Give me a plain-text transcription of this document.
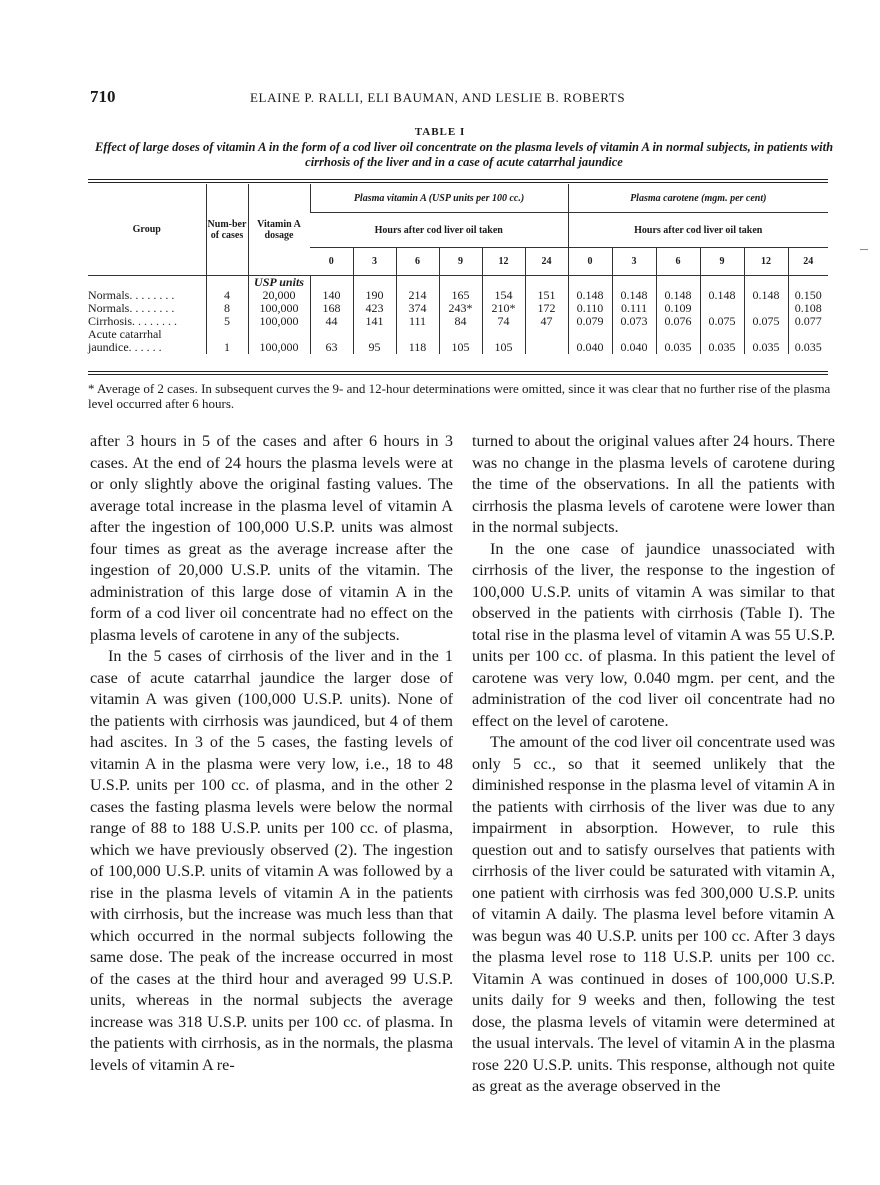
710	ELAINE P. RALLI, ELI BAUMAN, AND LESLIE B. ROBERTS
TABLE I
Effect of large doses of vitamin A in the form of a cod liver oil concentrate on the plasma levels of vitamin A in normal subjects, in patients with cirrhosis of the liver and in a case of acute catarrhal jaundice
Group	Num-ber of cases	Vitamin A dosage	Plasma vitamin A (USP units per 100 cc.)						Plasma carotene (mgm. per cent)					
			Hours after cod liver oil taken						Hours after cod liver oil taken					
			0	3	6	9	12	24	0	3	6	9	12	24
		USP units												
Normals. . . . . . . .	4	20,000	140	190	214	165	154	151	0.148	0.148	0.148	0.148	0.148	0.150
Normals. . . . . . . .	8	100,000	168	423	374	243*	210*	172	0.110	0.111	0.109			0.108
Cirrhosis. . . . . . . .	5	100,000	44	141	111	84	74	47	0.079	0.073	0.076	0.075	0.075	0.077
Acute catarrhal														
jaundice. . . . . .	1	100,000	63	95	118	105	105		0.040	0.040	0.035	0.035	0.035	0.035
* Average of 2 cases. In subsequent curves the 9- and 12-hour determinations were omitted, since it was clear that no further rise of the plasma level occurred after 6 hours.

after 3 hours in 5 of the cases and after 6 hours in 3 cases. At the end of 24 hours the plasma levels were at or only slightly above the original fasting values. The average total increase in the plasma level of vitamin A after the ingestion of 100,000 U.S.P. units was almost four times as great as the average increase after the ingestion of 20,000 U.S.P. units of the vitamin. The administration of this large dose of vitamin A in the form of a cod liver oil concentrate had no effect on the plasma levels of carotene in any of the subjects.

In the 5 cases of cirrhosis of the liver and in the 1 case of acute catarrhal jaundice the larger dose of vitamin A was given (100,000 U.S.P. units). None of the patients with cirrhosis was jaundiced, but 4 of them had ascites. In 3 of the 5 cases, the fasting levels of vitamin A in the plasma were very low, i.e., 18 to 48 U.S.P. units per 100 cc. of plasma, and in the other 2 cases the fasting plasma levels were below the normal range of 88 to 188 U.S.P. units per 100 cc. of plasma, which we have previously observed (2). The ingestion of 100,000 U.S.P. units of vitamin A was followed by a rise in the plasma levels of vitamin A in the patients with cirrhosis, but the increase was much less than that which occurred in the normal subjects following the same dose. The peak of the increase occurred in most of the cases at the third hour and averaged 99 U.S.P. units, whereas in the normal subjects the average increase was 318 U.S.P. units per 100 cc. of plasma. In the patients with cirrhosis, as in the normals, the plasma levels of vitamin A re-

turned to about the original values after 24 hours. There was no change in the plasma levels of carotene during the time of the observations. In all the patients with cirrhosis the plasma levels of carotene were lower than in the normal subjects.

In the one case of jaundice unassociated with cirrhosis of the liver, the response to the ingestion of 100,000 U.S.P. units of vitamin A was similar to that observed in the patients with cirrhosis (Table I). The total rise in the plasma level of vitamin A was 55 U.S.P. units per 100 cc. of plasma. In this patient the level of carotene was very low, 0.040 mgm. per cent, and the administration of the cod liver oil concentrate had no effect on the level of carotene.

The amount of the cod liver oil concentrate used was only 5 cc., so that it seemed unlikely that the diminished response in the plasma level of vitamin A in the patients with cirrhosis of the liver was due to any impairment in absorption. However, to rule this question out and to satisfy ourselves that patients with cirrhosis of the liver could be saturated with vitamin A, one patient with cirrhosis was fed 300,000 U.S.P. units of vitamin A daily. The plasma level before vitamin A was begun was 40 U.S.P. units per 100 cc. After 3 days the plasma level rose to 118 U.S.P. units per 100 cc. Vitamin A was continued in doses of 100,000 U.S.P. units daily for 9 weeks and then, following the test dose, the plasma levels of vitamin were determined at the usual intervals. The level of vitamin A in the plasma rose 220 U.S.P. units. This response, although not quite as great as the average observed in the
